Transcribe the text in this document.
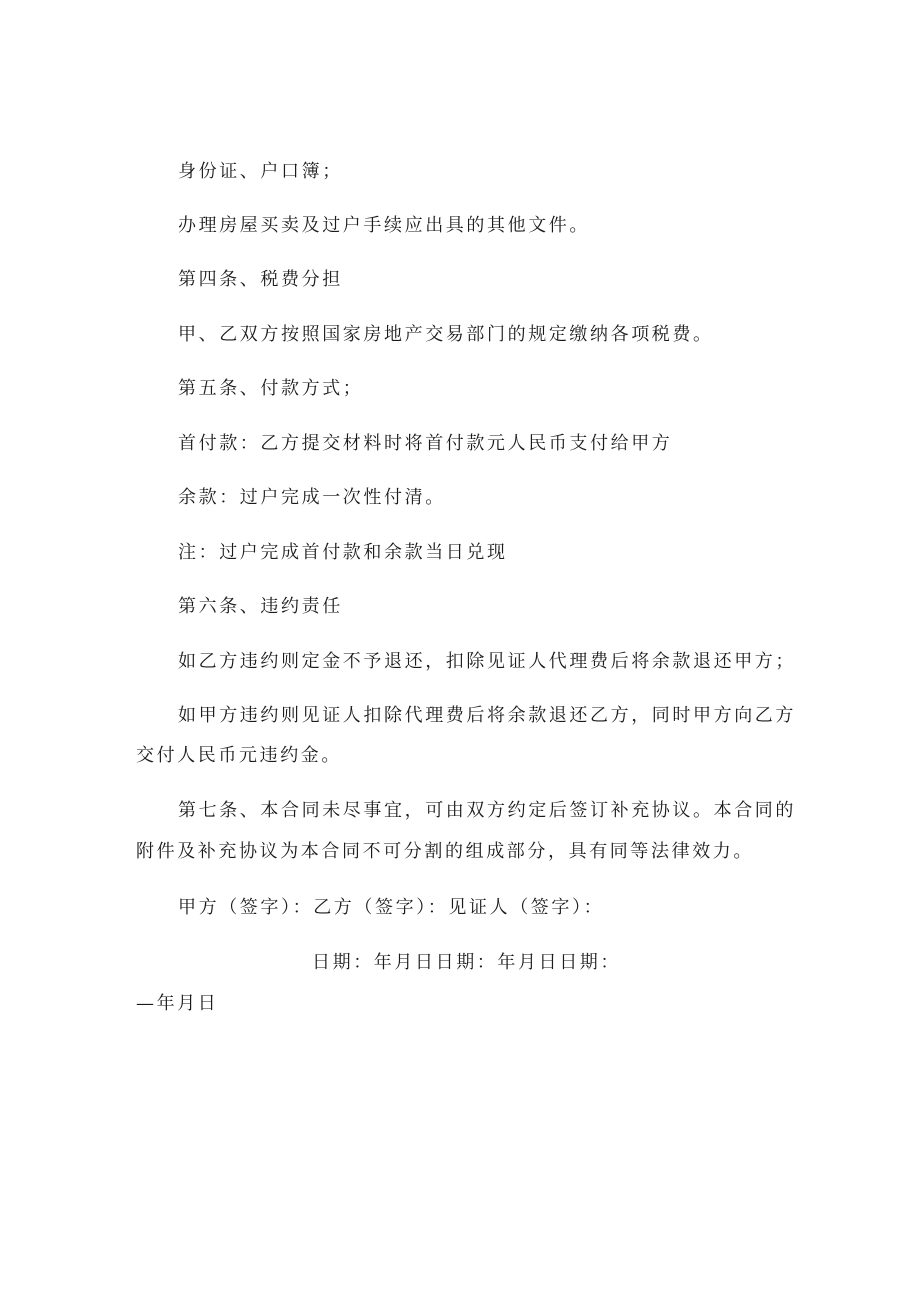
身份证、户口簿；
办理房屋买卖及过户手续应出具的其他文件。
第四条、税费分担
甲、乙双方按照国家房地产交易部门的规定缴纳各项税费。
第五条、付款方式；
首付款：乙方提交材料时将首付款元人民币支付给甲方
余款：过户完成一次性付清。
注：过户完成首付款和余款当日兑现
第六条、违约责任
如乙方违约则定金不予退还，扣除见证人代理费后将余款退还甲方；
如甲方违约则见证人扣除代理费后将余款退还乙方，同时甲方向乙方
交付人民币元违约金。
第七条、本合同未尽事宜，可由双方约定后签订补充协议。本合同的
附件及补充协议为本合同不可分割的组成部分，具有同等法律效力。
甲方（签字）：乙方（签字）：见证人（签字）：
日期：年月日日期：年月日日期：
—年月日
